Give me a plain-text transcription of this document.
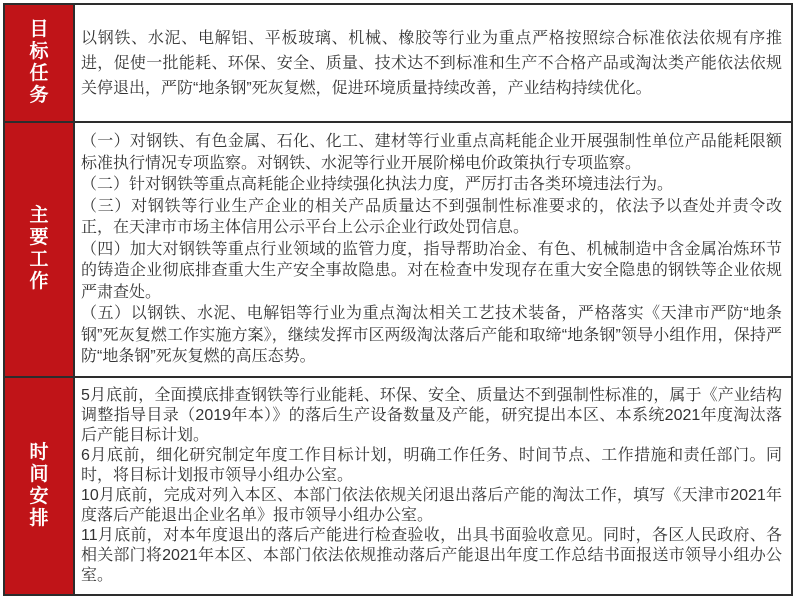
目标任务	以钢铁、水泥、电解铝、平板玻璃、机械、橡胶等行业为重点严格按照综合标准依法依规有序推进，促使一批能耗、环保、安全、质量、技术达不到标准和生产不合格产品或淘汰类产能依法依规关停退出，严防“地条钢”死灰复燃，促进环境质量持续改善，产业结构持续优化。

主要工作	（一）对钢铁、有色金属、石化、化工、建材等行业重点高耗能企业开展强制性单位产品能耗限额标准执行情况专项监察。对钢铁、水泥等行业开展阶梯电价政策执行专项监察。

（二）针对钢铁等重点高耗能企业持续强化执法力度，严厉打击各类环境违法行为。

（三）对钢铁等行业生产企业的相关产品质量达不到强制性标准要求的，依法予以查处并责令改正，在天津市市场主体信用公示平台上公示企业行政处罚信息。

（四）加大对钢铁等重点行业领域的监管力度，指导帮助冶金、有色、机械制造中含金属冶炼环节的铸造企业彻底排查重大生产安全事故隐患。对在检查中发现存在重大安全隐患的钢铁等企业依规严肃查处。

（五）以钢铁、水泥、电解铝等行业为重点淘汰相关工艺技术装备，严格落实《天津市严防“地条钢”死灰复燃工作实施方案》，继续发挥市区两级淘汰落后产能和取缔“地条钢”领导小组作用，保持严防“地条钢”死灰复燃的高压态势。

时间安排	5月底前，全面摸底排查钢铁等行业能耗、环保、安全、质量达不到强制性标准的，属于《产业结构调整指导目录（2019年本）》的落后生产设备数量及产能，研究提出本区、本系统2021年度淘汰落后产能目标计划。

6月底前，细化研究制定年度工作目标计划，明确工作任务、时间节点、工作措施和责任部门。同时，将目标计划报市领导小组办公室。

10月底前，完成对列入本区、本部门依法依规关闭退出落后产能的淘汰工作，填写《天津市2021年度落后产能退出企业名单》报市领导小组办公室。

11月底前，对本年度退出的落后产能进行检查验收，出具书面验收意见。同时，各区人民政府、各相关部门将2021年本区、本部门依法依规推动落后产能退出年度工作总结书面报送市领导小组办公室。
